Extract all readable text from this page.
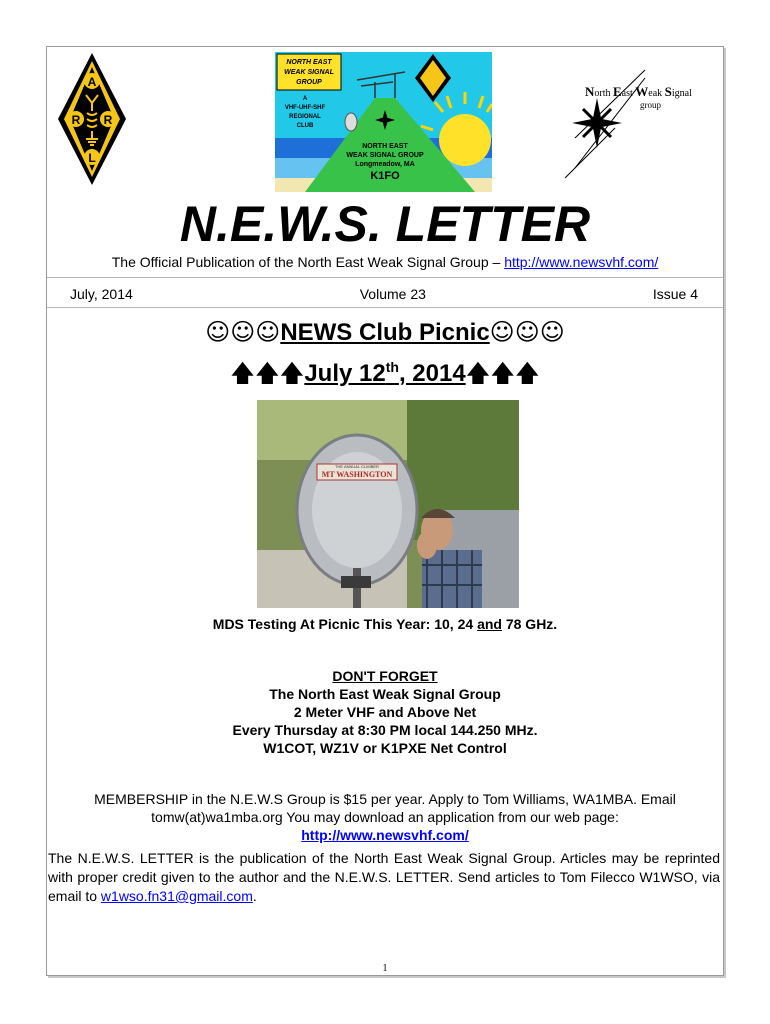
A
R R
L
NORTH EAST
WEAK SIGNAL
GROUP
A
VHF-UHF-SHF
REGIONAL
CLUB
NORTH EAST
WEAK SIGNAL GROUP
Longmeadow, MA
K1FO
North East Weak Signal
group
N.E.W.S. LETTER
The Official Publication of the North East Weak Signal Group – http://www.newsvhf.com/
July, 2014	Volume 23	Issue 4
☺☺☺NEWS Club Picnic☺☺☺
🡅🡅🡅July 12th, 2014🡅🡅🡅
THE ANNUAL CLIMBER
MT WASHINGTON
MDS Testing At Picnic This Year: 10, 24 and 78 GHz.
DON'T FORGET
The North East Weak Signal Group
2 Meter VHF and Above Net
Every Thursday at 8:30 PM local 144.250 MHz.
W1COT, WZ1V or K1PXE Net Control
MEMBERSHIP in the N.E.W.S Group is $15 per year. Apply to Tom Williams, WA1MBA. Email tomw(at)wa1mba.org You may download an application from our web page:
http://www.newsvhf.com/
The N.E.W.S. LETTER is the publication of the North East Weak Signal Group. Articles may be reprinted with proper credit given to the author and the N.E.W.S. LETTER. Send articles to Tom Filecco W1WSO, via email to w1wso.fn31@gmail.com.
1
